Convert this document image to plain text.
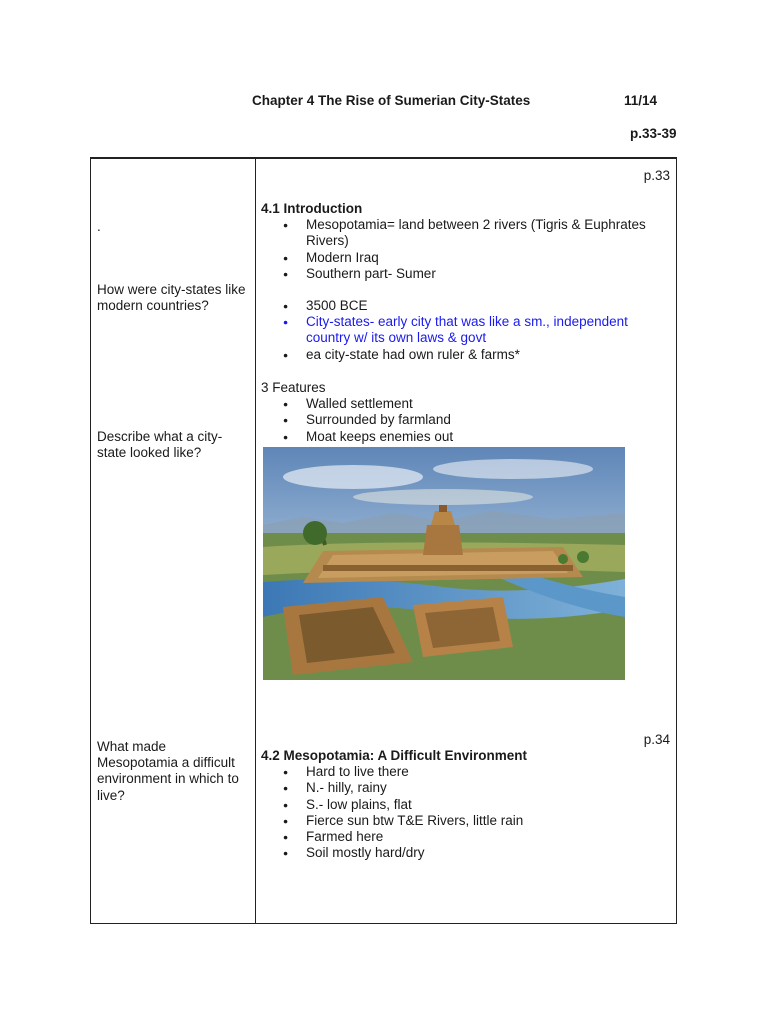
Chapter 4 The Rise of Sumerian City-States	11/14
p.33-39
.
How were city-states like modern countries?
Describe what a city-state looked like?
What made Mesopotamia a difficult environment in which to live?
p.33
4.1 Introduction
● Mesopotamia= land between 2 rivers (Tigris & Euphrates Rivers)
● Modern Iraq
● Southern part- Sumer
● 3500 BCE
● City-states- early city that was like a sm., independent country w/ its own laws & govt
● ea city-state had own ruler & farms*
3 Features
● Walled settlement
● Surrounded by farmland
● Moat keeps enemies out
p.34
4.2 Mesopotamia: A Difficult Environment
● Hard to live there
● N.- hilly, rainy
● S.- low plains, flat
● Fierce sun btw T&E Rivers, little rain
● Farmed here
● Soil mostly hard/dry
